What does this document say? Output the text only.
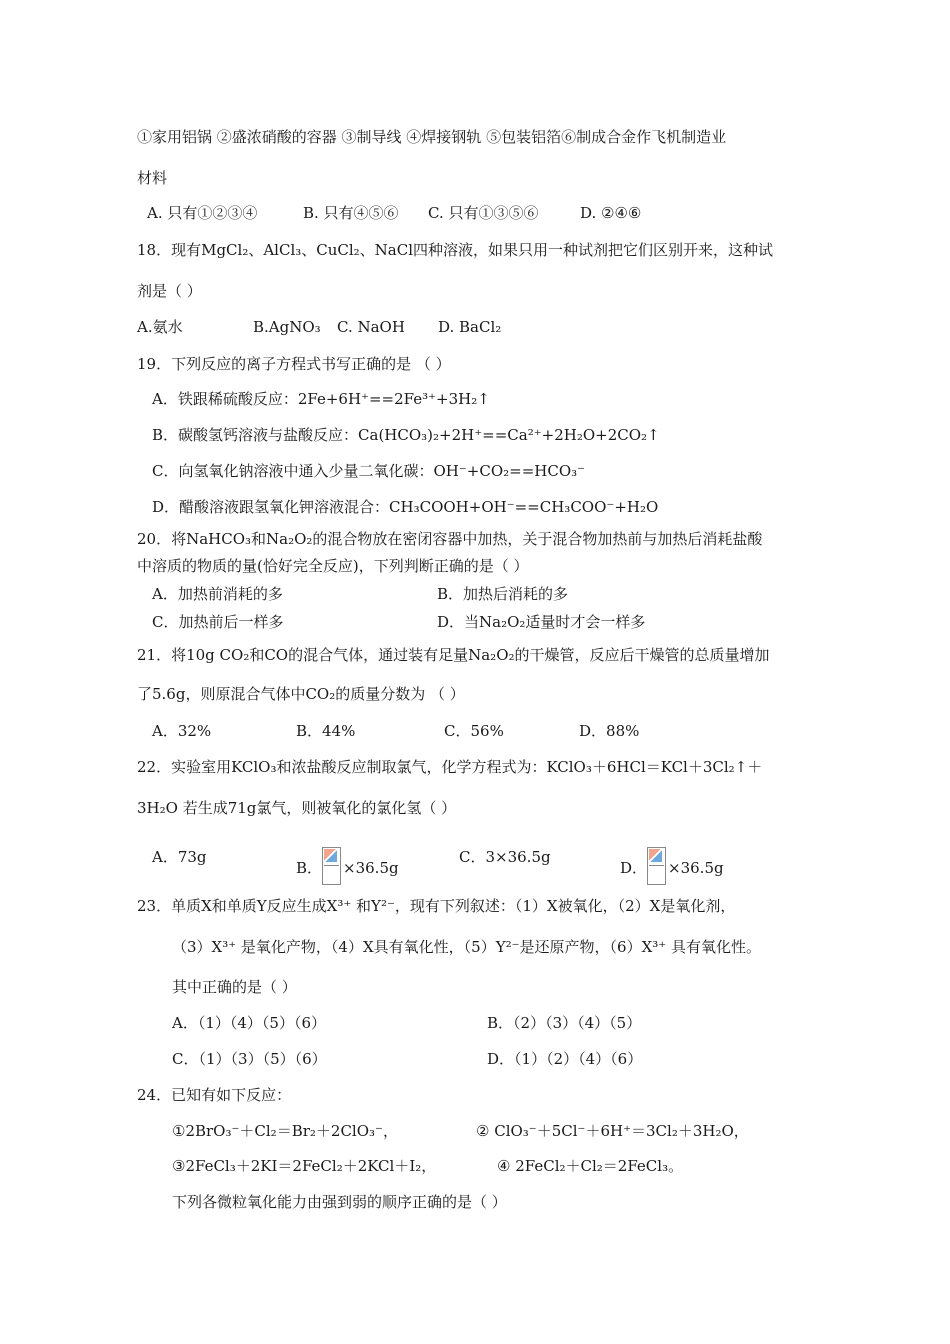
①家用铝锅 ②盛浓硝酸的容器 ③制导线 ④焊接钢轨 ⑤包装铝箔⑥制成合金作飞机制造业
材料
A. 只有①②③④	B. 只有④⑤⑥ C. 只有①③⑤⑥	D. ②④⑥
18．现有MgCl₂、AlCl₃、CuCl₂、NaCl四种溶液，如果只用一种试剂把它们区别开来，这种试
剂是（ ）
A.氨水	B.AgNO₃ C. NaOH D. BaCl₂
19．下列反应的离子方程式书写正确的是 （ ）
A．铁跟稀硫酸反应：2Fe+6H⁺==2Fe³⁺+3H₂↑
B．碳酸氢钙溶液与盐酸反应：Ca(HCO₃)₂+2H⁺==Ca²⁺+2H₂O+2CO₂↑
C．向氢氧化钠溶液中通入少量二氧化碳：OH⁻+CO₂==HCO₃⁻
D．醋酸溶液跟氢氧化钾溶液混合：CH₃COOH+OH⁻==CH₃COO⁻+H₂O
20．将NaHCO₃和Na₂O₂的混合物放在密闭容器中加热，关于混合物加热前与加热后消耗盐酸
中溶质的物质的量(恰好完全反应)，下列判断正确的是（ ）
A．加热前消耗的多	B．加热后消耗的多
C．加热前后一样多	D．当Na₂O₂适量时才会一样多
21．将10g CO₂和CO的混合气体，通过装有足量Na₂O₂的干燥管，反应后干燥管的总质量增加
了5.6g，则原混合气体中CO₂的质量分数为 （ ）
A．32%	B．44%	C．56%	D．88%
22．实验室用KClO₃和浓盐酸反应制取氯气，化学方程式为：KClO₃＋6HCl＝KCl＋3Cl₂↑＋
3H₂O 若生成71g氯气，则被氧化的氯化氢（ ）
A．73g
B． ×36.5g
C．3×36.5g
D． ×36.5g
23．单质X和单质Y反应生成X³⁺ 和Y²⁻，现有下列叙述：（1）X被氧化，（2）X是氧化剂，
（3）X³⁺ 是氧化产物，（4）X具有氧化性，（5）Y²⁻是还原产物，（6）X³⁺ 具有氧化性。
其中正确的是（ ）
A．（1）（4）（5）（6）	B．（2）（3）（4）（5）
C．（1）（3）（5）（6）	D．（1）（2）（4）（6）
24．已知有如下反应：
①2BrO₃⁻＋Cl₂＝Br₂＋2ClO₃⁻，	② ClO₃⁻＋5Cl⁻＋6H⁺＝3Cl₂＋3H₂O，
③2FeCl₃＋2KI＝2FeCl₂＋2KCl＋I₂，	④ 2FeCl₂＋Cl₂＝2FeCl₃。
下列各微粒氧化能力由强到弱的顺序正确的是（ ）
